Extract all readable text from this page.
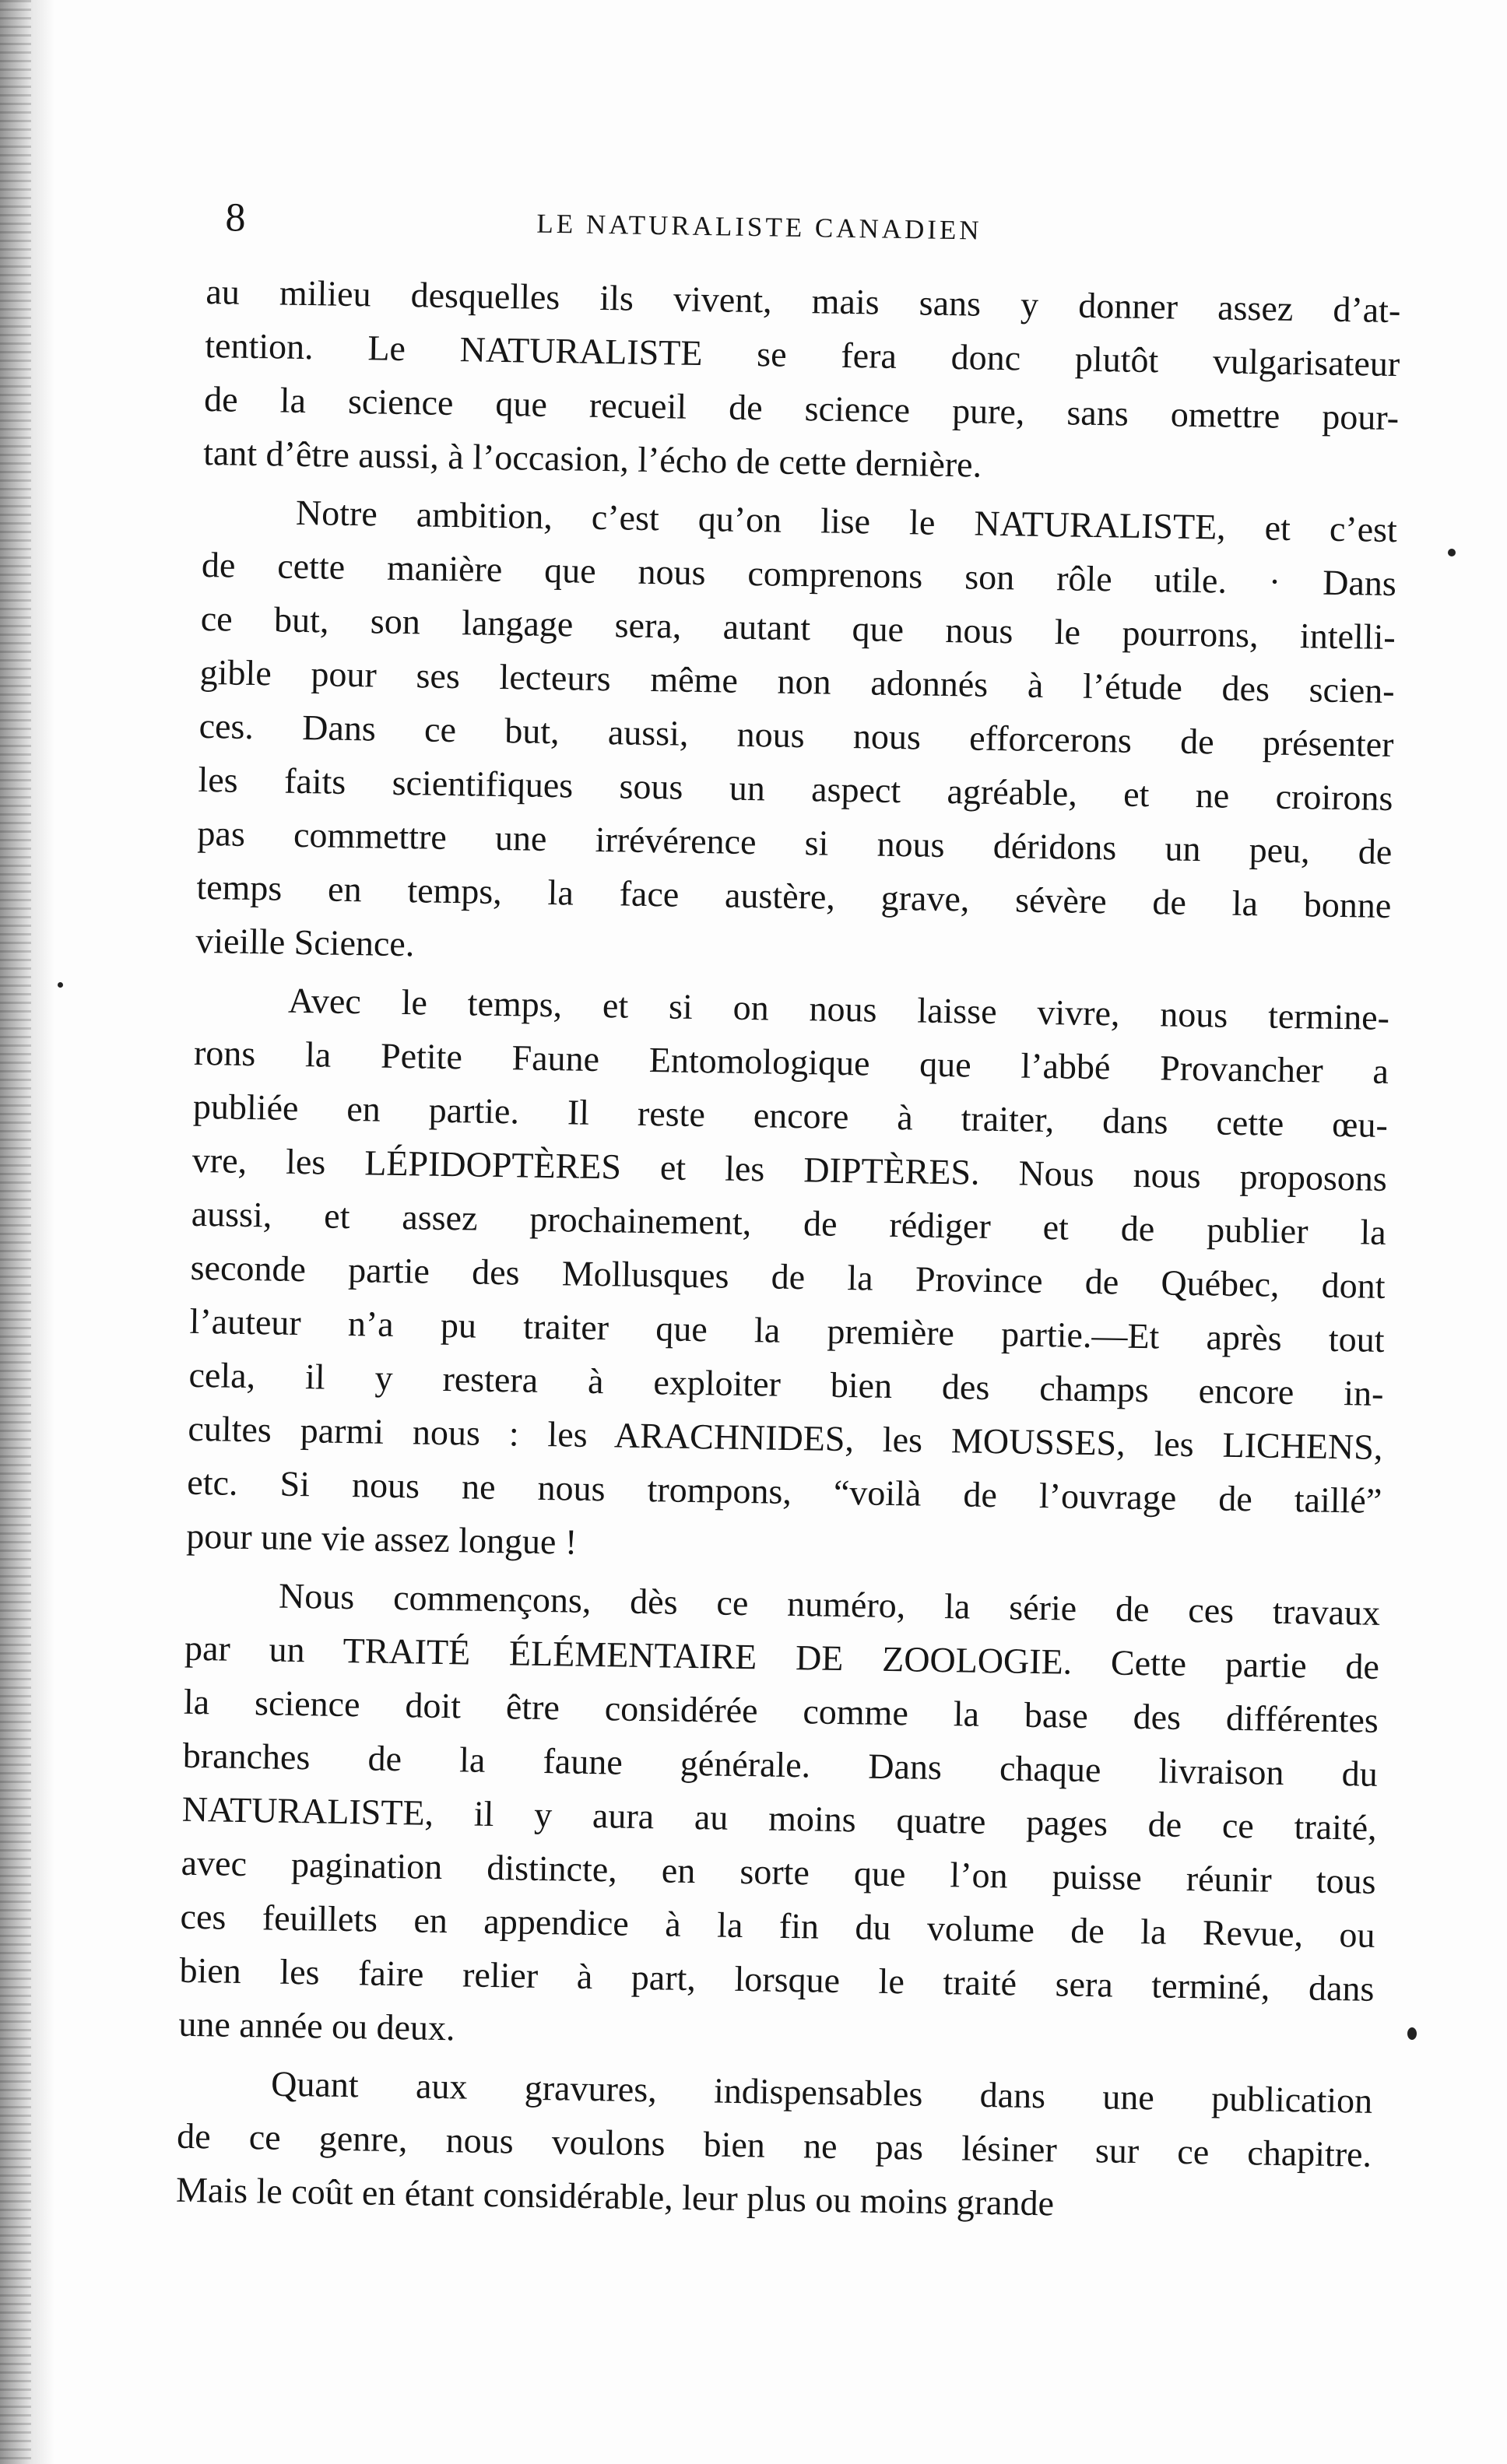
8	LE NATURALISTE CANADIEN
au milieu desquelles ils vivent, mais sans y donner assez d’at-
tention. Le NATURALISTE se fera donc plutôt vulgarisateur
de la science que recueil de science pure, sans omettre pour-
tant d’être aussi, à l’occasion, l’écho de cette dernière.
Notre ambition, c’est qu’on lise le NATURALISTE, et c’est
de cette manière que nous comprenons son rôle utile. · Dans
ce but, son langage sera, autant que nous le pourrons, intelli-
gible pour ses lecteurs même non adonnés à l’étude des scien-
ces. Dans ce but, aussi, nous nous efforcerons de présenter
les faits scientifiques sous un aspect agréable, et ne croirons
pas commettre une irrévérence si nous déridons un peu, de
temps en temps, la face austère, grave, sévère de la bonne
vieille Science.
Avec le temps, et si on nous laisse vivre, nous termine-
rons la Petite Faune Entomologique que l’abbé Provancher a
publiée en partie. Il reste encore à traiter, dans cette œu-
vre, les LÉPIDOPTÈRES et les DIPTÈRES. Nous nous proposons
aussi, et assez prochainement, de rédiger et de publier la
seconde partie des Mollusques de la Province de Québec, dont
l’auteur n’a pu traiter que la première partie.—Et après tout
cela, il y restera à exploiter bien des champs encore in-
cultes parmi nous : les ARACHNIDES, les MOUSSES, les LICHENS,
etc. Si nous ne nous trompons, “voilà de l’ouvrage de taillé”
pour une vie assez longue !
Nous commençons, dès ce numéro, la série de ces travaux
par un TRAITÉ ÉLÉMENTAIRE DE ZOOLOGIE. Cette partie de
la science doit être considérée comme la base des différentes
branches de la faune générale. Dans chaque livraison du
NATURALISTE, il y aura au moins quatre pages de ce traité,
avec pagination distincte, en sorte que l’on puisse réunir tous
ces feuillets en appendice à la fin du volume de la Revue, ou
bien les faire relier à part, lorsque le traité sera terminé, dans
une année ou deux.
Quant aux gravures, indispensables dans une publication
de ce genre, nous voulons bien ne pas lésiner sur ce chapitre.
Mais le coût en étant considérable, leur plus ou moins grande
